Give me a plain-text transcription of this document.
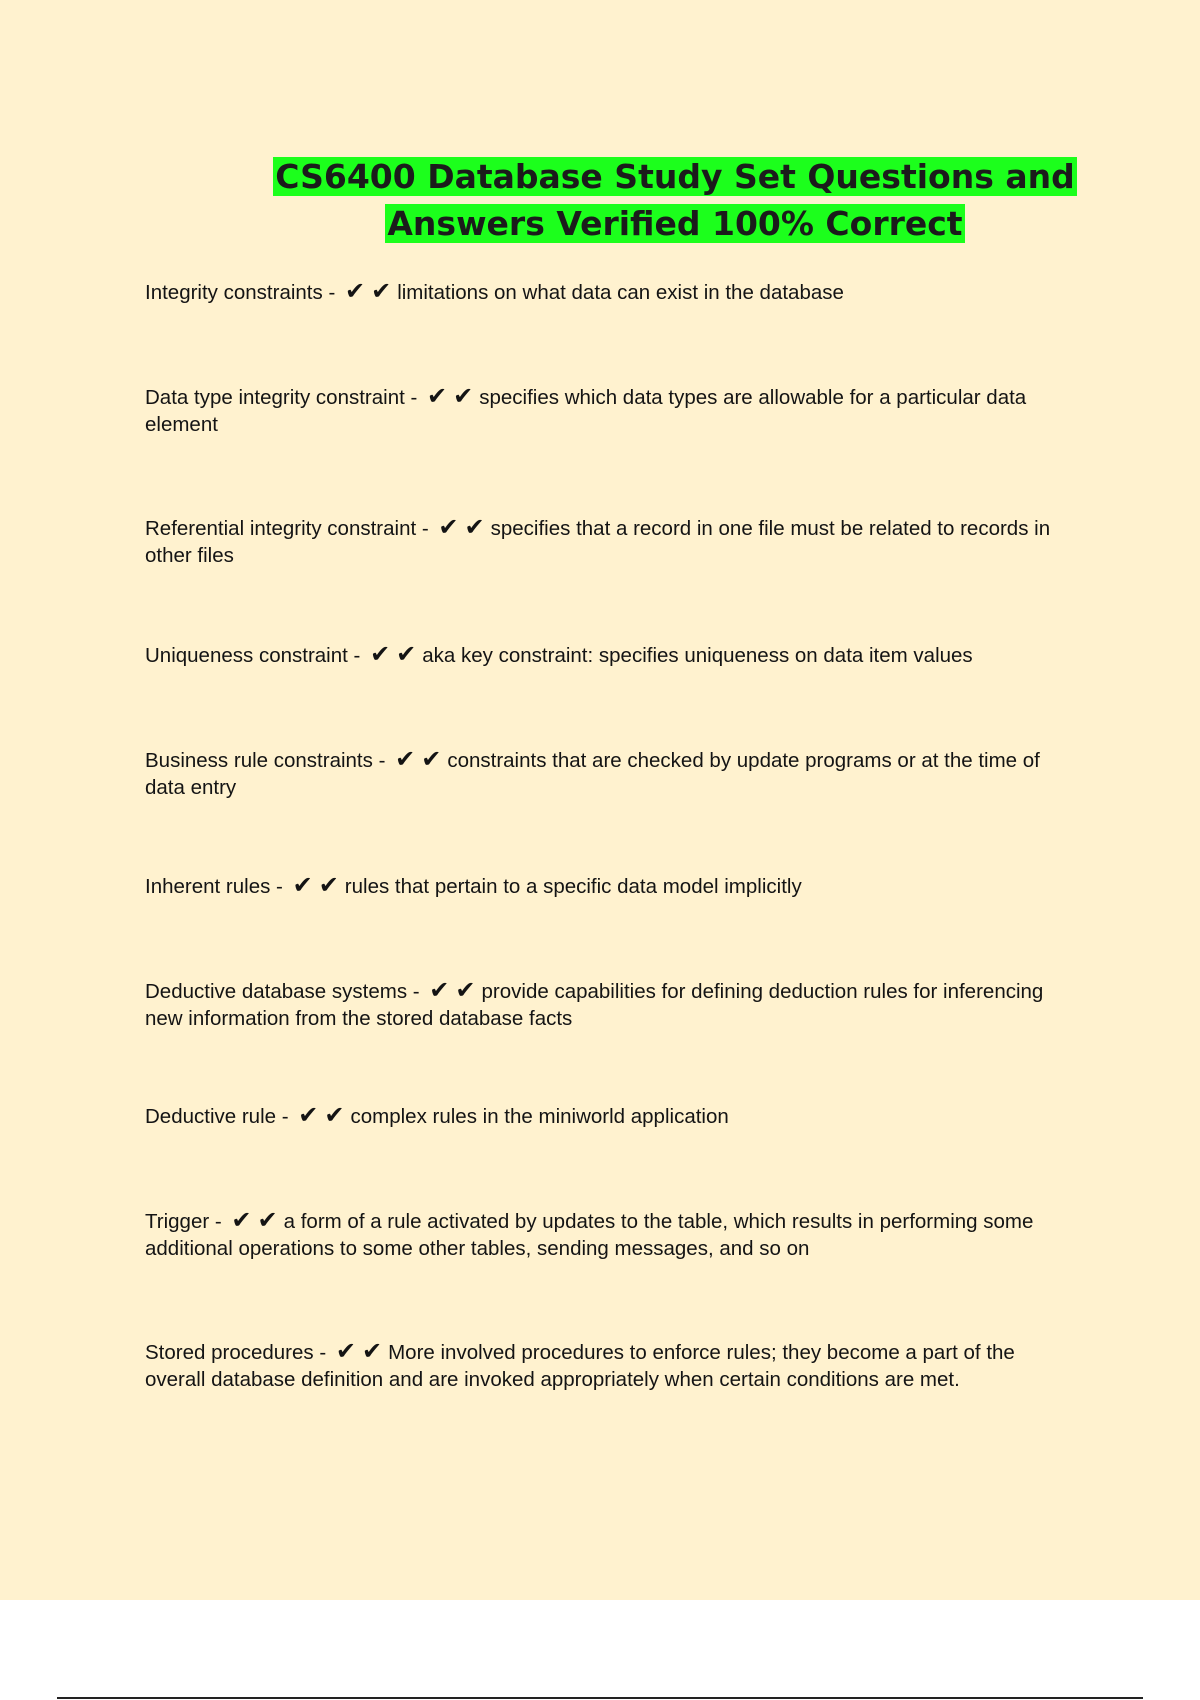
CS6400 Database Study Set Questions and
Answers Verified 100% Correct

Integrity constraints - ✔✔limitations on what data can exist in the database

Data type integrity constraint - ✔✔specifies which data types are allowable for a particular data element

Referential integrity constraint - ✔✔specifies that a record in one file must be related to records in other files

Uniqueness constraint - ✔✔aka key constraint: specifies uniqueness on data item values

Business rule constraints - ✔✔constraints that are checked by update programs or at the time of data entry

Inherent rules - ✔✔rules that pertain to a specific data model implicitly

Deductive database systems - ✔✔provide capabilities for defining deduction rules for inferencing new information from the stored database facts

Deductive rule - ✔✔complex rules in the miniworld application

Trigger - ✔✔a form of a rule activated by updates to the table, which results in performing some additional operations to some other tables, sending messages, and so on

Stored procedures - ✔✔More involved procedures to enforce rules; they become a part of the overall database definition and are invoked appropriately when certain conditions are met.
